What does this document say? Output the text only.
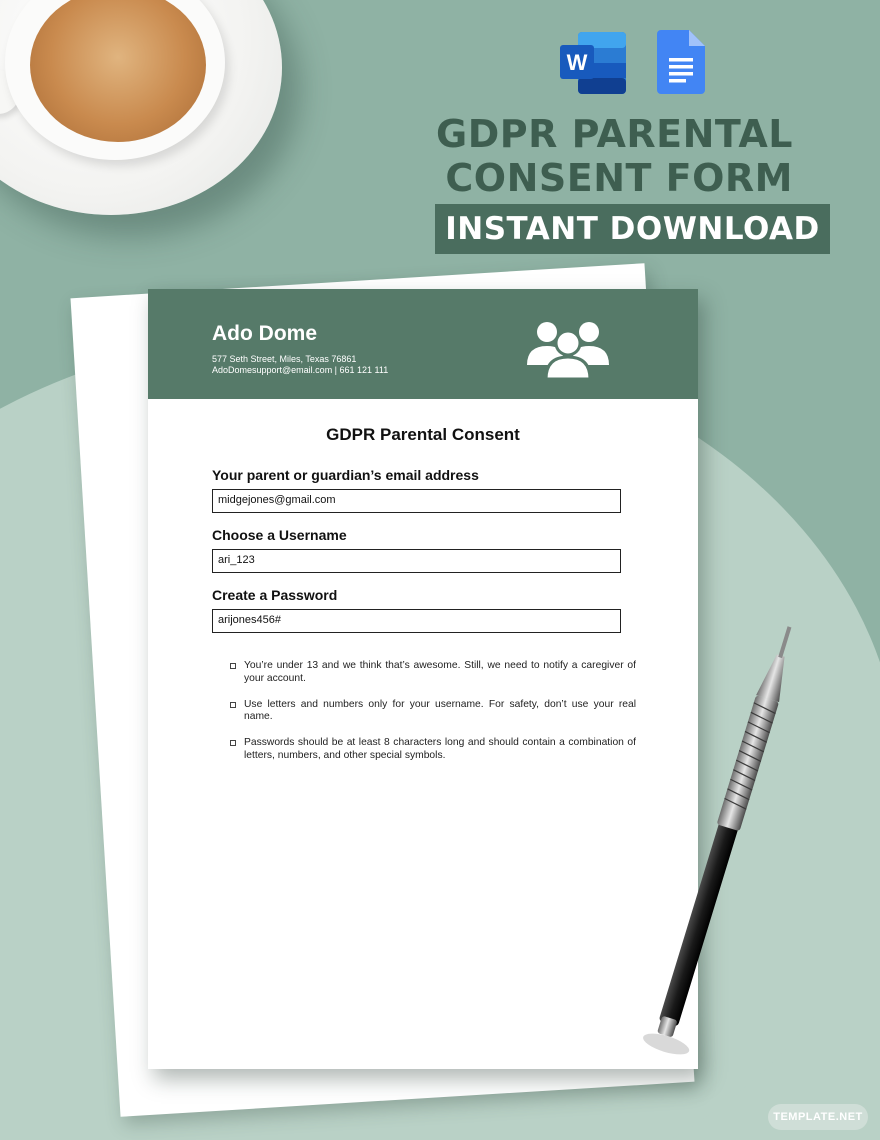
W
GDPR PARENTAL
CONSENT FORM
INSTANT DOWNLOAD
Ado Dome
577 Seth Street, Miles, Texas 76861
AdoDomesupport@email.com | 661 121 111
GDPR Parental Consent
Your parent or guardian’s email address
midgejones@gmail.com
Choose a Username
ari_123
Create a Password
arijones456#
You’re under 13 and we think that’s awesome. Still, we need to notify a caregiver of your account.
Use letters and numbers only for your username. For safety, don’t use your real name.
Passwords should be at least 8 characters long and should contain a combination of letters, numbers, and other special symbols.
TEMPLATE.NET
